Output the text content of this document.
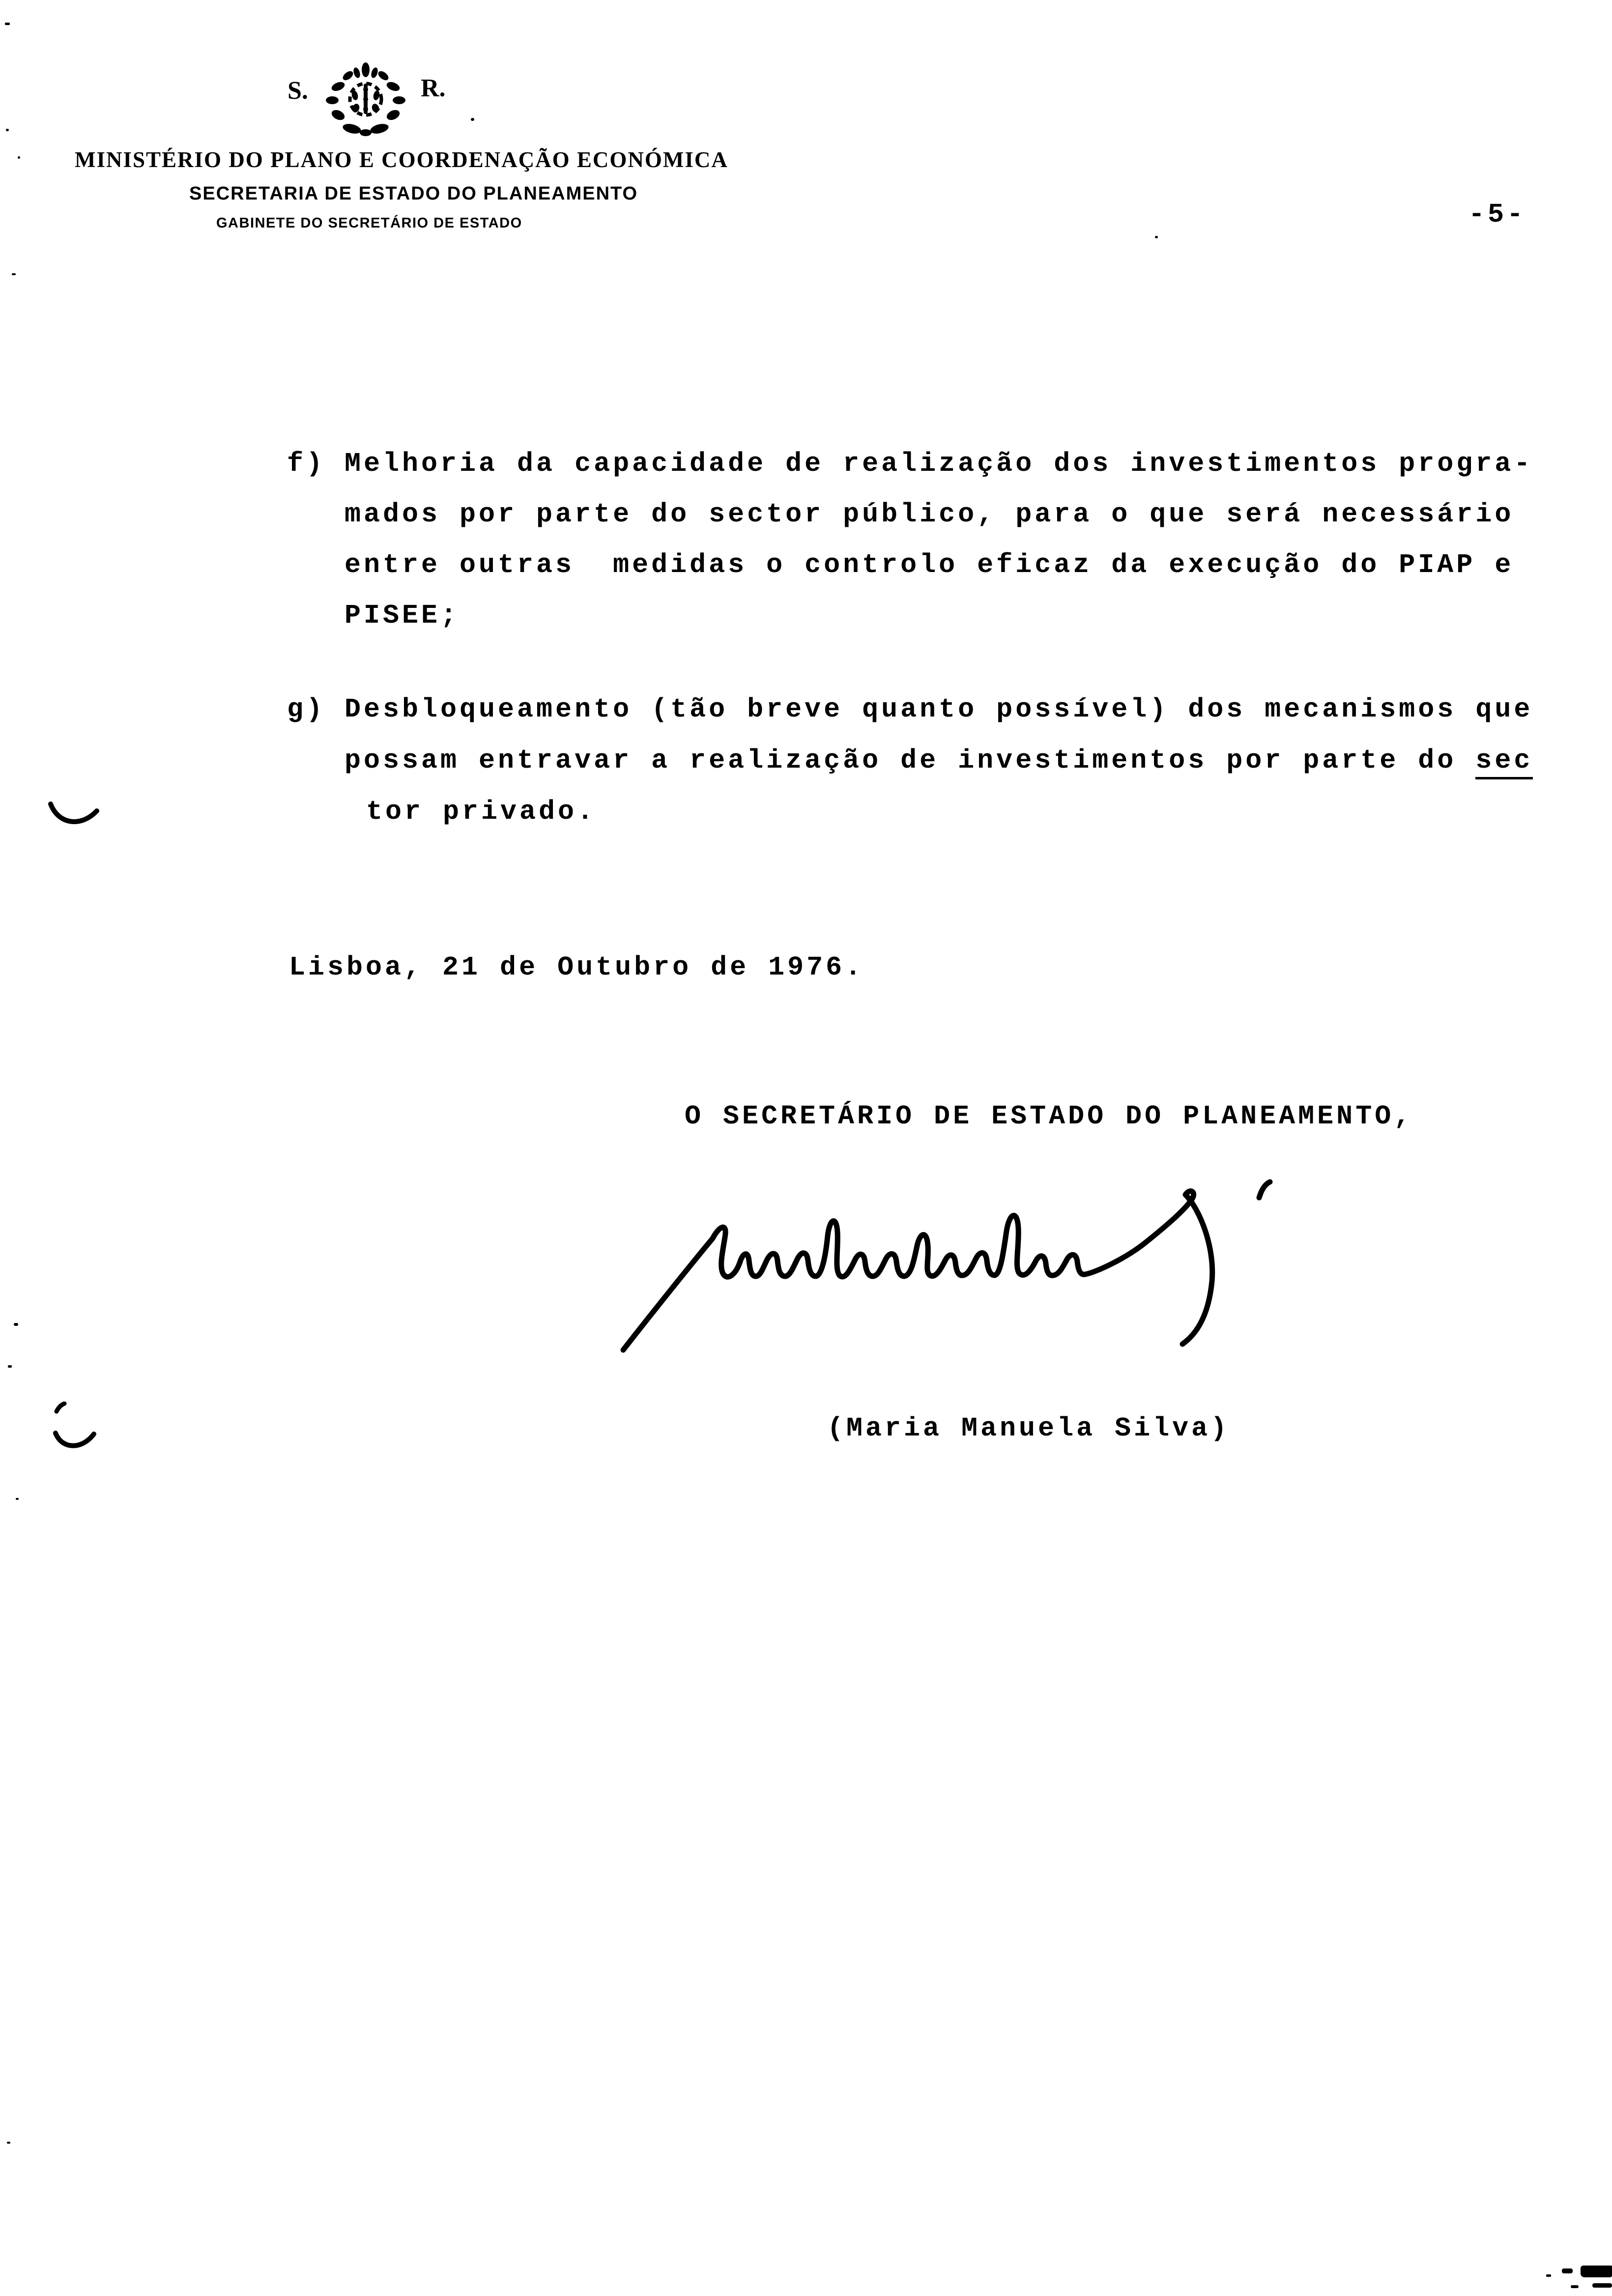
S.	R.
MINISTÉRIO DO PLANO E COORDENAÇÃO ECONÓMICA
SECRETARIA DE ESTADO DO PLANEAMENTO
GABINETE DO SECRETÁRIO DE ESTADO	-5-
f) Melhoria da capacidade de realização dos investimentos progra-
mados por parte do sector público, para o que será necessário
entre outras  medidas o controlo eficaz da execução do PIAP e
PISEE;
g) Desbloqueamento (tão breve quanto possível) dos mecanismos que
possam entravar a realização de investimentos por parte do sec
tor privado.
Lisboa, 21 de Outubro de 1976.
O SECRETÁRIO DE ESTADO DO PLANEAMENTO,
(Maria Manuela Silva)
